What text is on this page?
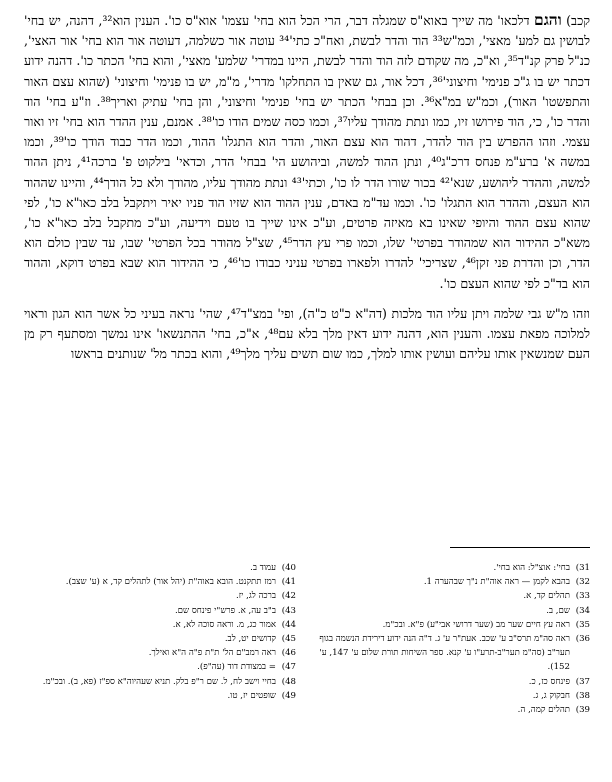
קכב) והגם דלכאו' מה שייך באוא"ס שמגלה דבר, הרי הכל הוא בחי' עצמו' אוא"ס כו'. הענין הוא³², דהנה, יש בחי' לבושין גם למע' מאצי', וכמ"ש³³ הוד והדר לבשת, ואח"כ כתי'³⁴ עוטה אור כשלמה, דעוטה אור הוא בחי' אור האצי', כנ"ל פרק קנ"ד³⁵, וא"כ, מה שקודם לזה הוד והדר לבשת, היינו במדרי' שלמע' מאצי', והוא בחי' הכתר כו'. דהנה ידוע דכתר יש בו ג"כ פנימי' וחיצוני'³⁶, דכל אור, גם שאין בו התחלקו' מדרי', מ"מ, יש בו פנימי' וחיצוני' (שהוא עצם האור והתפשטו' האור), וכמ"ש במ"א³⁶. וכן בבחי' הכתר יש בחי' פנימי' וחיצוני', והן בחי' עתיק ואריך³⁸. וז"ע בחי' הוד והדר כו', כי, הוד פירושו זיו, כמו ונתת מהודך עליו³⁷, וכמו כסה שמים הודו כו'³⁸. אמנם, ענין ההדר הוא בחי' זיו ואור עצמי. וזהו ההפרש בין הוד להדר, דהוד הוא עצם האור, והדר הוא התגלו' ההוד, וכמו הדר כבוד הודך כו'³⁹, וכמו במשה א' ברע"מ פנחס דרכ"ג⁴⁰, ונתן ההוד למשה, וביהושע הי' בבחי' הדר, וכדאי' בילקוט פ' ברכה⁴¹, ניתן ההוד למשה, וההדר ליהושע, שנא'⁴² בכור שורו הדר לו כו', וכתי'⁴³ ונתת מהודך עליו, מהודך ולא כל הודך⁴⁴, והיינו שההוד הוא העצם, וההדר הוא התגלו' כו'. וכמו עד"מ באדם, ענין ההוד הוא שזיו הוד פניו יאיר ויתקבל בלב כאו"א כו', לפי שהוא עצם ההוד והיופי שאינו בא מאיזה פרטים, וע"כ אינו שייך בו טעם וידיעה, וע"כ מתקבל בלב כאו"א כו', משא"כ ההידור הוא שמהודר בפרטי' שלו, וכמו פרי עץ הדר⁴⁵, שצ"ל מהודר בכל הפרטי' שבו, עד שבין כולם הוא הדר, וכן והדרת פני זקן⁴⁶, שצריכי' להדרו ולפארו בפרטי עניני כבודו כו'⁴⁶, כי ההידור הוא שבא בפרט דוקא, וההוד הוא בד"כ לפי שהוא העצם כו'.

וזהו מ"ש גבי שלמה ויתן עליו הוד מלכות (דה"א כ"ט כ"ה), ופי' במצ"ד⁴⁷, שהי' נראה בעיני כל אשר הוא הגון וראוי למלוכה מפאת עצמו. והענין הוא, דהנה ידוע דאין מלך בלא עם⁴⁸, א"כ, בחי' ההתנשאו' אינו נמשך ומסתעף רק מן העם שמנשאין אותו עליהם ועושין אותו למלך, כמו שום תשים עליך מלך⁴⁹, והוא בכתר מל' שנותנים בראשו

31)
בחי': אוצ"ל: הוא בחי'.
32)
בהבא לקמן — ראה אוה"ת נ"ך שבהערה 1.
33)
תהלים קד, א.
34)
שם, ב.
35)
ראה עץ חיים שער מב (שער דרושי אבי"ע) פ"א. ובכ"מ.
36)
ראה סה"מ תרס"ב ע' שכב. אעת"ר ע' ג. ד"ה הנה ידוע דירידת הנשמה בגוף תער"ב (סה"מ תער"ב-תרע"ו ע' קנא. ספר השיחות תורת שלום ע' 147, ע' 152).
37)
פינחס כז, כ.
38)
חבקוק ג, ג.
39)
תהלים קמה, ה.
40)
עמוד ב.
41)
רמז תתקנט. הובא באוה"ת (יהל אור) לתהלים קד, א (ע' שצב).
42)
ברכה לג, יז.
43)
ב"ב עה, א. פרש"י פינחס שם.
44)
אמור כג, מ. וראה סוכה לא, א.
45)
קדושים יט, לב.
46)
ראה רמב"ם הל' ת"ת פ"ה ה"א ואילך.
47)
= במצודת דוד (עה"פ).
48)
בחיי וישב לח, ל. שם ר"פ בלק. תניא שעהיוה"א ספ"ז (פא, ב). ובכ"מ.
49)
שופטים יז, טו.
